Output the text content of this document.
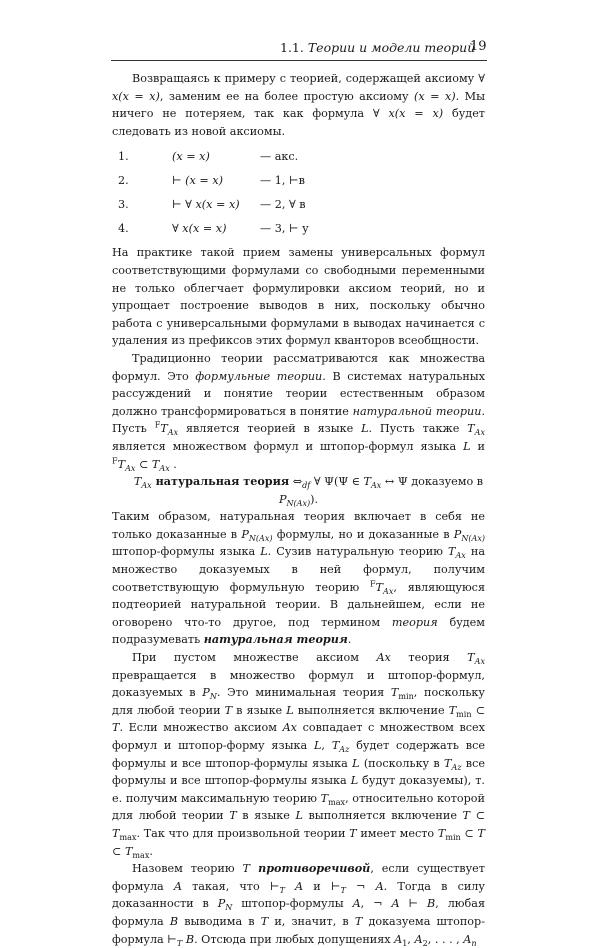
1.1. Теории и модели теорий
19

Возвращаясь к примеру с теорией, содержащей аксиому ∀ x(x = x), заменим ее на более простую аксиому (x = x). Мы ничего не потеряем, так как формула ∀ x(x = x) будет следовать из новой аксиомы.

1.	(x = x)	— акс.
2.	⊢ (x = x)	— 1, ⊢в
3.	⊢ ∀ x(x = x) — 2, ∀ в
4.	∀ x(x = x)	— 3, ⊢ у

На практике такой прием замены универсальных формул соответствующими формулами со свободными переменными не только облегчает формулировки аксиом теорий, но и упрощает построение выводов в них, поскольку обычно работа с универсальными формулами в выводах начинается с удаления из префиксов этих формул кванторов всеобщности.

Традиционно теории рассматриваются как множества формул. Это формульные теории. В системах натуральных рассуждений и понятие теории естественным образом должно трансформироваться в понятие натуральной теории. Пусть $^FT_{Ax}$ является теорией в языке L. Пусть также $T_{Ax}$ является множеством формул и штопор-формул языка L и $^FT_{Ax}$ ⊂ $T_{Ax}$ .

$T_{Ax}$ натуральная теория $\Leftrightarrow_{df}$ ∀ Ψ(Ψ ∈ $T_{Ax}$ ↔ Ψ доказуемо в $P_{N(Ax)}$).

Таким образом, натуральная теория включает в себя не только доказанные в $P_{N(Ax)}$ формулы, но и доказанные в $P_{N(Ax)}$ штопор-формулы языка L. Сузив натуральную теорию $T_{Ax}$ на множество доказуемых в ней формул, получим соответствующую формульную теорию $^FT_{Ax}$, являющуюся подтеорией натуральной теории. В дальнейшем, если не оговорено что-то другое, под термином теория будем подразумевать натуральная теория.

При пустом множестве аксиом Ax теория $T_{Ax}$ превращается в множество формул и штопор-формул, доказуемых в $P_N$. Это минимальная теория $T_{min}$, поскольку для любой теории T в языке L выполняется включение $T_{min}$ ⊂ T. Если множество аксиом Ax совпадает с множеством всех формул и штопор-форму языка L, $T_{Az}$ будет содержать все формулы и все штопор-формулы языка L (поскольку в $T_{Az}$ все формулы и все штопор-формулы языка L будут доказуемы), т. е. получим максимальную теорию $T_{max}$, относительно которой для любой теории T в языке L выполняется включение T ⊂ $T_{max}$. Так что для произвольной теории T имеет место $T_{min}$ ⊂ T ⊂ $T_{max}$.

Назовем теорию T противоречивой, если существует формула A такая, что $⊢_T$ A и $⊢_T$ ¬ A. Тогда в силу доказанности в $P_N$ штопор-формулы A, ¬ A ⊢ B, любая формула B выводима в T и, значит, в T доказуема штопор-формула $⊢_T$ B. Отсюда при любых допущениях $A_1$, $A_2$, . . . , $A_n$
